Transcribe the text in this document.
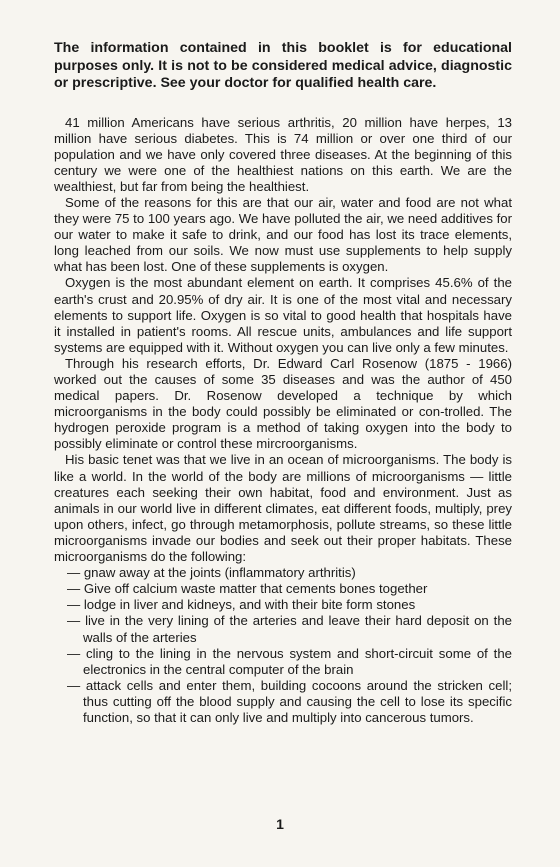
The information contained in this booklet is for educational purposes only. It is not to be considered medical advice, diagnostic or prescriptive. See your doctor for qualified health care.

41 million Americans have serious arthritis, 20 million have herpes, 13 million have serious diabetes. This is 74 million or over one third of our population and we have only covered three diseases. At the beginning of this century we were one of the healthiest nations on this earth. We are the wealthiest, but far from being the healthiest.

Some of the reasons for this are that our air, water and food are not what they were 75 to 100 years ago. We have polluted the air, we need additives for our water to make it safe to drink, and our food has lost its trace elements, long leached from our soils. We now must use supplements to help supply what has been lost. One of these supplements is oxygen.

Oxygen is the most abundant element on earth. It comprises 45.6% of the earth's crust and 20.95% of dry air. It is one of the most vital and necessary elements to support life. Oxygen is so vital to good health that hospitals have it installed in patient's rooms. All rescue units, ambulances and life support systems are equipped with it. Without oxygen you can live only a few minutes.

Through his research efforts, Dr. Edward Carl Rosenow (1875 - 1966) worked out the causes of some 35 diseases and was the author of 450 medical papers. Dr. Rosenow developed a technique by which microorganisms in the body could possibly be eliminated or con-trolled. The hydrogen peroxide program is a method of taking oxygen into the body to possibly eliminate or control these mircroorganisms.

His basic tenet was that we live in an ocean of microorganisms. The body is like a world. In the world of the body are millions of microorganisms — little creatures each seeking their own habitat, food and environment. Just as animals in our world live in different climates, eat different foods, multiply, prey upon others, infect, go through metamorphosis, pollute streams, so these little microorganisms invade our bodies and seek out their proper habitats. These microorganisms do the following:

— gnaw away at the joints (inflammatory arthritis)
— Give off calcium waste matter that cements bones together
— lodge in liver and kidneys, and with their bite form stones
— live in the very lining of the arteries and leave their hard deposit on the walls of the arteries
— cling to the lining in the nervous system and short-circuit some of the electronics in the central computer of the brain
— attack cells and enter them, building cocoons around the stricken cell; thus cutting off the blood supply and causing the cell to lose its specific function, so that it can only live and multiply into cancerous tumors.
1
